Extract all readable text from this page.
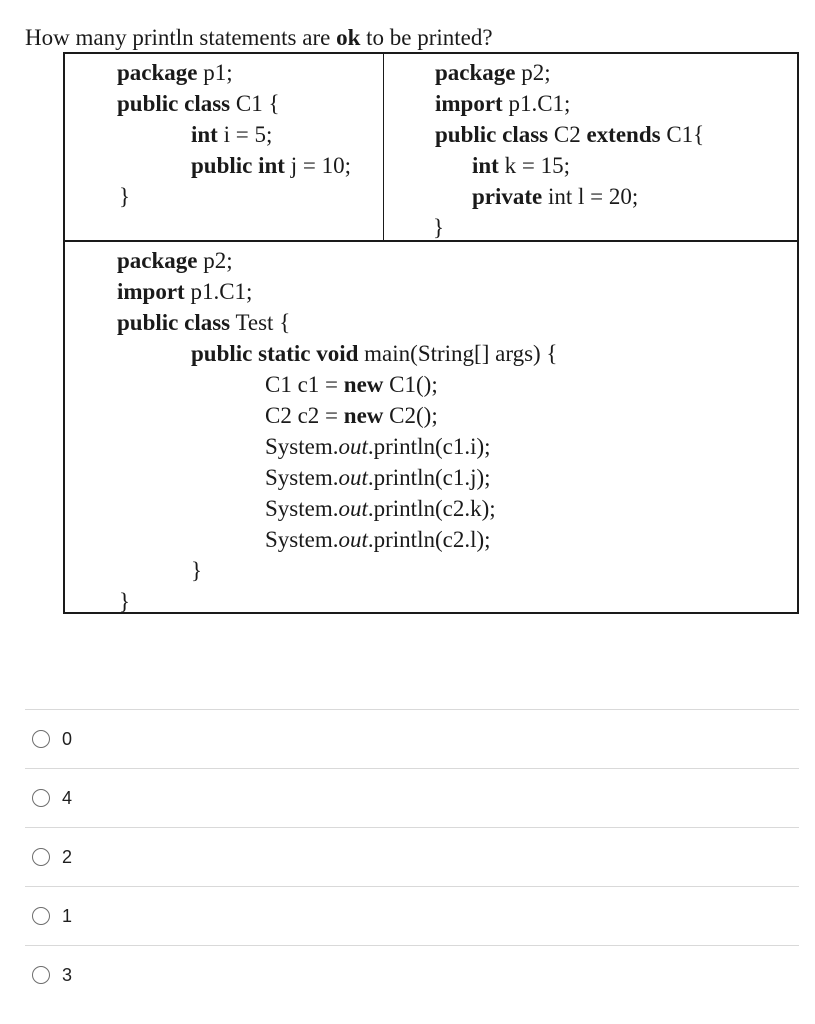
How many println statements are ok to be printed?
package p1;
public class C1 {
int i = 5;
public int j = 10;
}
package p2;
import p1.C1;
public class C2 extends C1{
int k = 15;
private int l = 20;
}
package p2;
import p1.C1;
public class Test {
public static void main(String[] args) {
C1 c1 = new C1();
C2 c2 = new C2();
System.out.println(c1.i);
System.out.println(c1.j);
System.out.println(c2.k);
System.out.println(c2.l);
}
}
0
4
2
1
3
